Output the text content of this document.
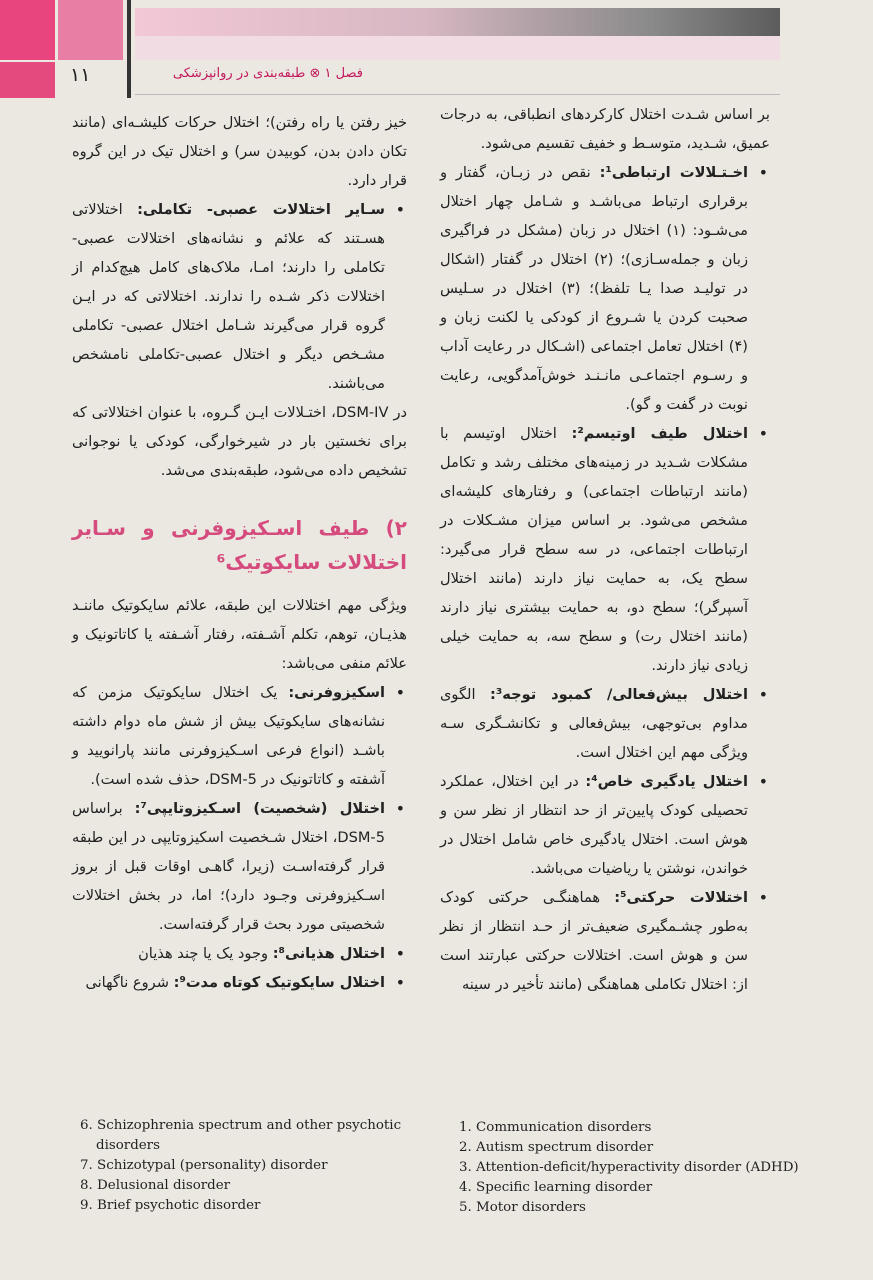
۱۱	فصل ۱ ⊗ طبقه‌بندی در روانپزشکی

بر اساس شـدت اختلال کارکردهای انطباقی، به درجات عمیق، شـدید، متوسـط و خفیف تقسیم می‌شود.

• اخـتـلالات ارتباطی¹: نقص در زبـان، گفتار و برقراری ارتباط می‌باشـد و شـامل چهار اختلال می‌شـود: (۱) اختلال در زبان (مشکل در فراگیری زبان و جمله‌سـازی)؛ (۲) اختلال در گفتار (اشکال در تولیـد صدا یـا تلفظ)؛ (۳) اختلال در سـلیس صحبت کردن یا شـروع از کودکی یا لکنت زبان و (۴) اختلال تعامل اجتماعی (اشـکال در رعایت آداب و رسـوم اجتماعـی مانـنـد خوش‌آمدگویی، رعایت نوبت در گفت و گو).

• اختلال طیف اوتیسم²: اختلال اوتیسم با مشکلات شـدید در زمینه‌های مختلف رشد و تکامل (مانند ارتباطات اجتماعی) و رفتارهای کلیشه‌ای مشخص می‌شود. بر اساس میزان مشـکلات در ارتباطات اجتماعی، در سه سطح قرار می‌گیرد: سطح یک، به حمایت نیاز دارند (مانند اختلال آسپرگر)؛ سطح دو، به حمایت بیشتری نیاز دارند (مانند اختلال رت) و سطح سه، به حمایت خیلی زیادی نیاز دارند.

• اختلال بیش‌فعالی/ کمبود توجه³: الگوی مداوم بی‌توجهی، بیش‌فعالی و تکانشـگری سـه ویژگی مهم این اختلال است.

• اختلال یادگیری خاص⁴: در این اختلال، عملکرد تحصیلی کودک پایین‌تر از حد انتظار از نظر سن و هوش است. اختلال یادگیری خاص شامل اختلال در خواندن، نوشتن یا ریاضیات می‌باشد.

• اختلالات حرکتی⁵: هماهنگـی حرکتی کودک به‌طور چشـمگیری ضعیف‌تر از حـد انتظار از نظر سن و هوش است. اختلالات حرکتی عبارتند است از: اختلال تکاملی هماهنگی (مانند تأخیر در سینه

خیز رفتن یا راه رفتن)؛ اختلال حرکات کلیشـه‌ای (مانند تکان دادن بدن، کوبیدن سر) و اختلال تیک در این گروه قرار دارد.

• سـایر اختلالات عصبی- تکاملی: اختلالاتی هسـتند که علائم و نشانه‌های اختلالات عصبی- تکاملی را دارند؛ امـا، ملاک‌های کامل هیچ‌کدام از اختلالات ذکر شـده را ندارند. اختلالاتی که در ایـن گروه قرار می‌گیرند شـامل اختلال عصبی- تکاملی مشـخص دیگر و اختلال عصبی-تکاملی نامشخص می‌باشند.

در DSM-IV، اختـلالات ایـن گـروه، با عنوان اختلالاتی که برای نخستین بار در شیرخوارگی، کودکی یا نوجوانی تشخیص داده می‌شود، طبقه‌بندی می‌شد.

۲) طیف اسـکیزوفرنی و سـایر اختلالات سایکوتیک⁶

ویژگی مهم اختلالات این طبقه، علائم سایکوتیک ماننـد هذیـان، توهم، تکلم آشـفته، رفتار آشـفته یا کاتاتونیک و علائم منفی می‌باشد:

• اسکیزوفرنی: یک اختلال سایکوتیک مزمن که نشانه‌های سایکوتیک بیش از شش ماه دوام داشته باشـد (انواع فرعی اسـکیزوفرنی مانند پارانویید و آشفته و کاتاتونیک در DSM-5، حذف شده است).

• اختلال (شخصیت) اسـکیزوتایپی⁷: براساس DSM-5، اختلال شـخصیت اسکیزوتایپی در این طبقه قرار گرفته‌اسـت (زیرا، گاهـی اوقات قبل از بروز اسـکیزوفرنی وجـود دارد)؛ اما، در بخش اختلالات شخصیتی مورد بحث قرار گرفته‌است.

• اختلال هذیانی⁸: وجود یک یا چند هذیان

• اختلال سایکوتیک کوتاه مدت⁹: شروع ناگهانی

6. Schizophrenia spectrum and other psychotic
disorders
7. Schizotypal (personality) disorder
8. Delusional disorder
9. Brief psychotic disorder
1. Communication disorders
2. Autism spectrum disorder
3. Attention-deficit/hyperactivity disorder (ADHD)
4. Specific learning disorder
5. Motor disorders
